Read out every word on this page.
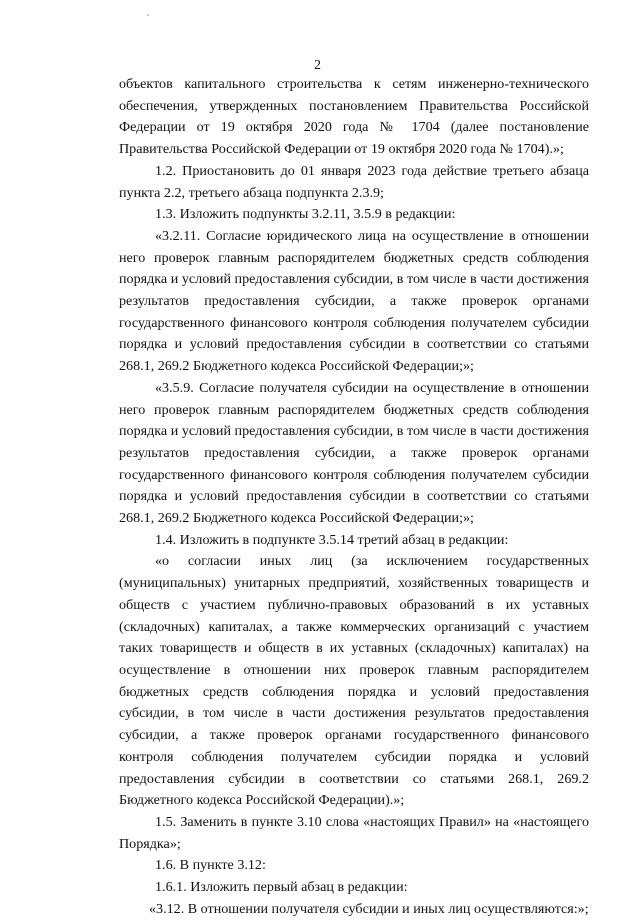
2

объектов капитального строительства к сетям инженерно-технического обеспечения, утвержденных постановлением Правительства Российской Федерации от 19 октября 2020 года № 1704 (далее постановление Правительства Российской Федерации от 19 октября 2020 года № 1704).»;

1.2. Приостановить до 01 января 2023 года действие третьего абзаца пункта 2.2, третьего абзаца подпункта 2.3.9;

1.3. Изложить подпункты 3.2.11, 3.5.9 в редакции:

«3.2.11. Согласие юридического лица на осуществление в отношении него проверок главным распорядителем бюджетных средств соблюдения порядка и условий предоставления субсидии, в том числе в части достижения результатов предоставления субсидии, а также проверок органами государственного финансового контроля соблюдения получателем субсидии порядка и условий предоставления субсидии в соответствии со статьями 268.1, 269.2 Бюджетного кодекса Российской Федерации;»;

«3.5.9. Согласие получателя субсидии на осуществление в отношении него проверок главным распорядителем бюджетных средств соблюдения порядка и условий предоставления субсидии, в том числе в части достижения результатов предоставления субсидии, а также проверок органами государственного финансового контроля соблюдения получателем субсидии порядка и условий предоставления субсидии в соответствии со статьями 268.1, 269.2 Бюджетного кодекса Российской Федерации;»;

1.4. Изложить в подпункте 3.5.14 третий абзац в редакции:

«о согласии иных лиц (за исключением государственных (муниципальных) унитарных предприятий, хозяйственных товариществ и обществ с участием публично-правовых образований в их уставных (складочных) капиталах, а также коммерческих организаций с участием таких товариществ и обществ в их уставных (складочных) капиталах) на осуществление в отношении них проверок главным распорядителем бюджетных средств соблюдения порядка и условий предоставления субсидии, в том числе в части достижения результатов предоставления субсидии, а также проверок органами государственного финансового контроля соблюдения получателем субсидии порядка и условий предоставления субсидии в соответствии со статьями 268.1, 269.2 Бюджетного кодекса Российской Федерации).»;

1.5. Заменить в пункте 3.10 слова «настоящих Правил» на «настоящего Порядка»;

1.6. В пункте 3.12:

1.6.1. Изложить первый абзац в редакции:

«3.12. В отношении получателя субсидии и иных лиц осуществляются:»;
